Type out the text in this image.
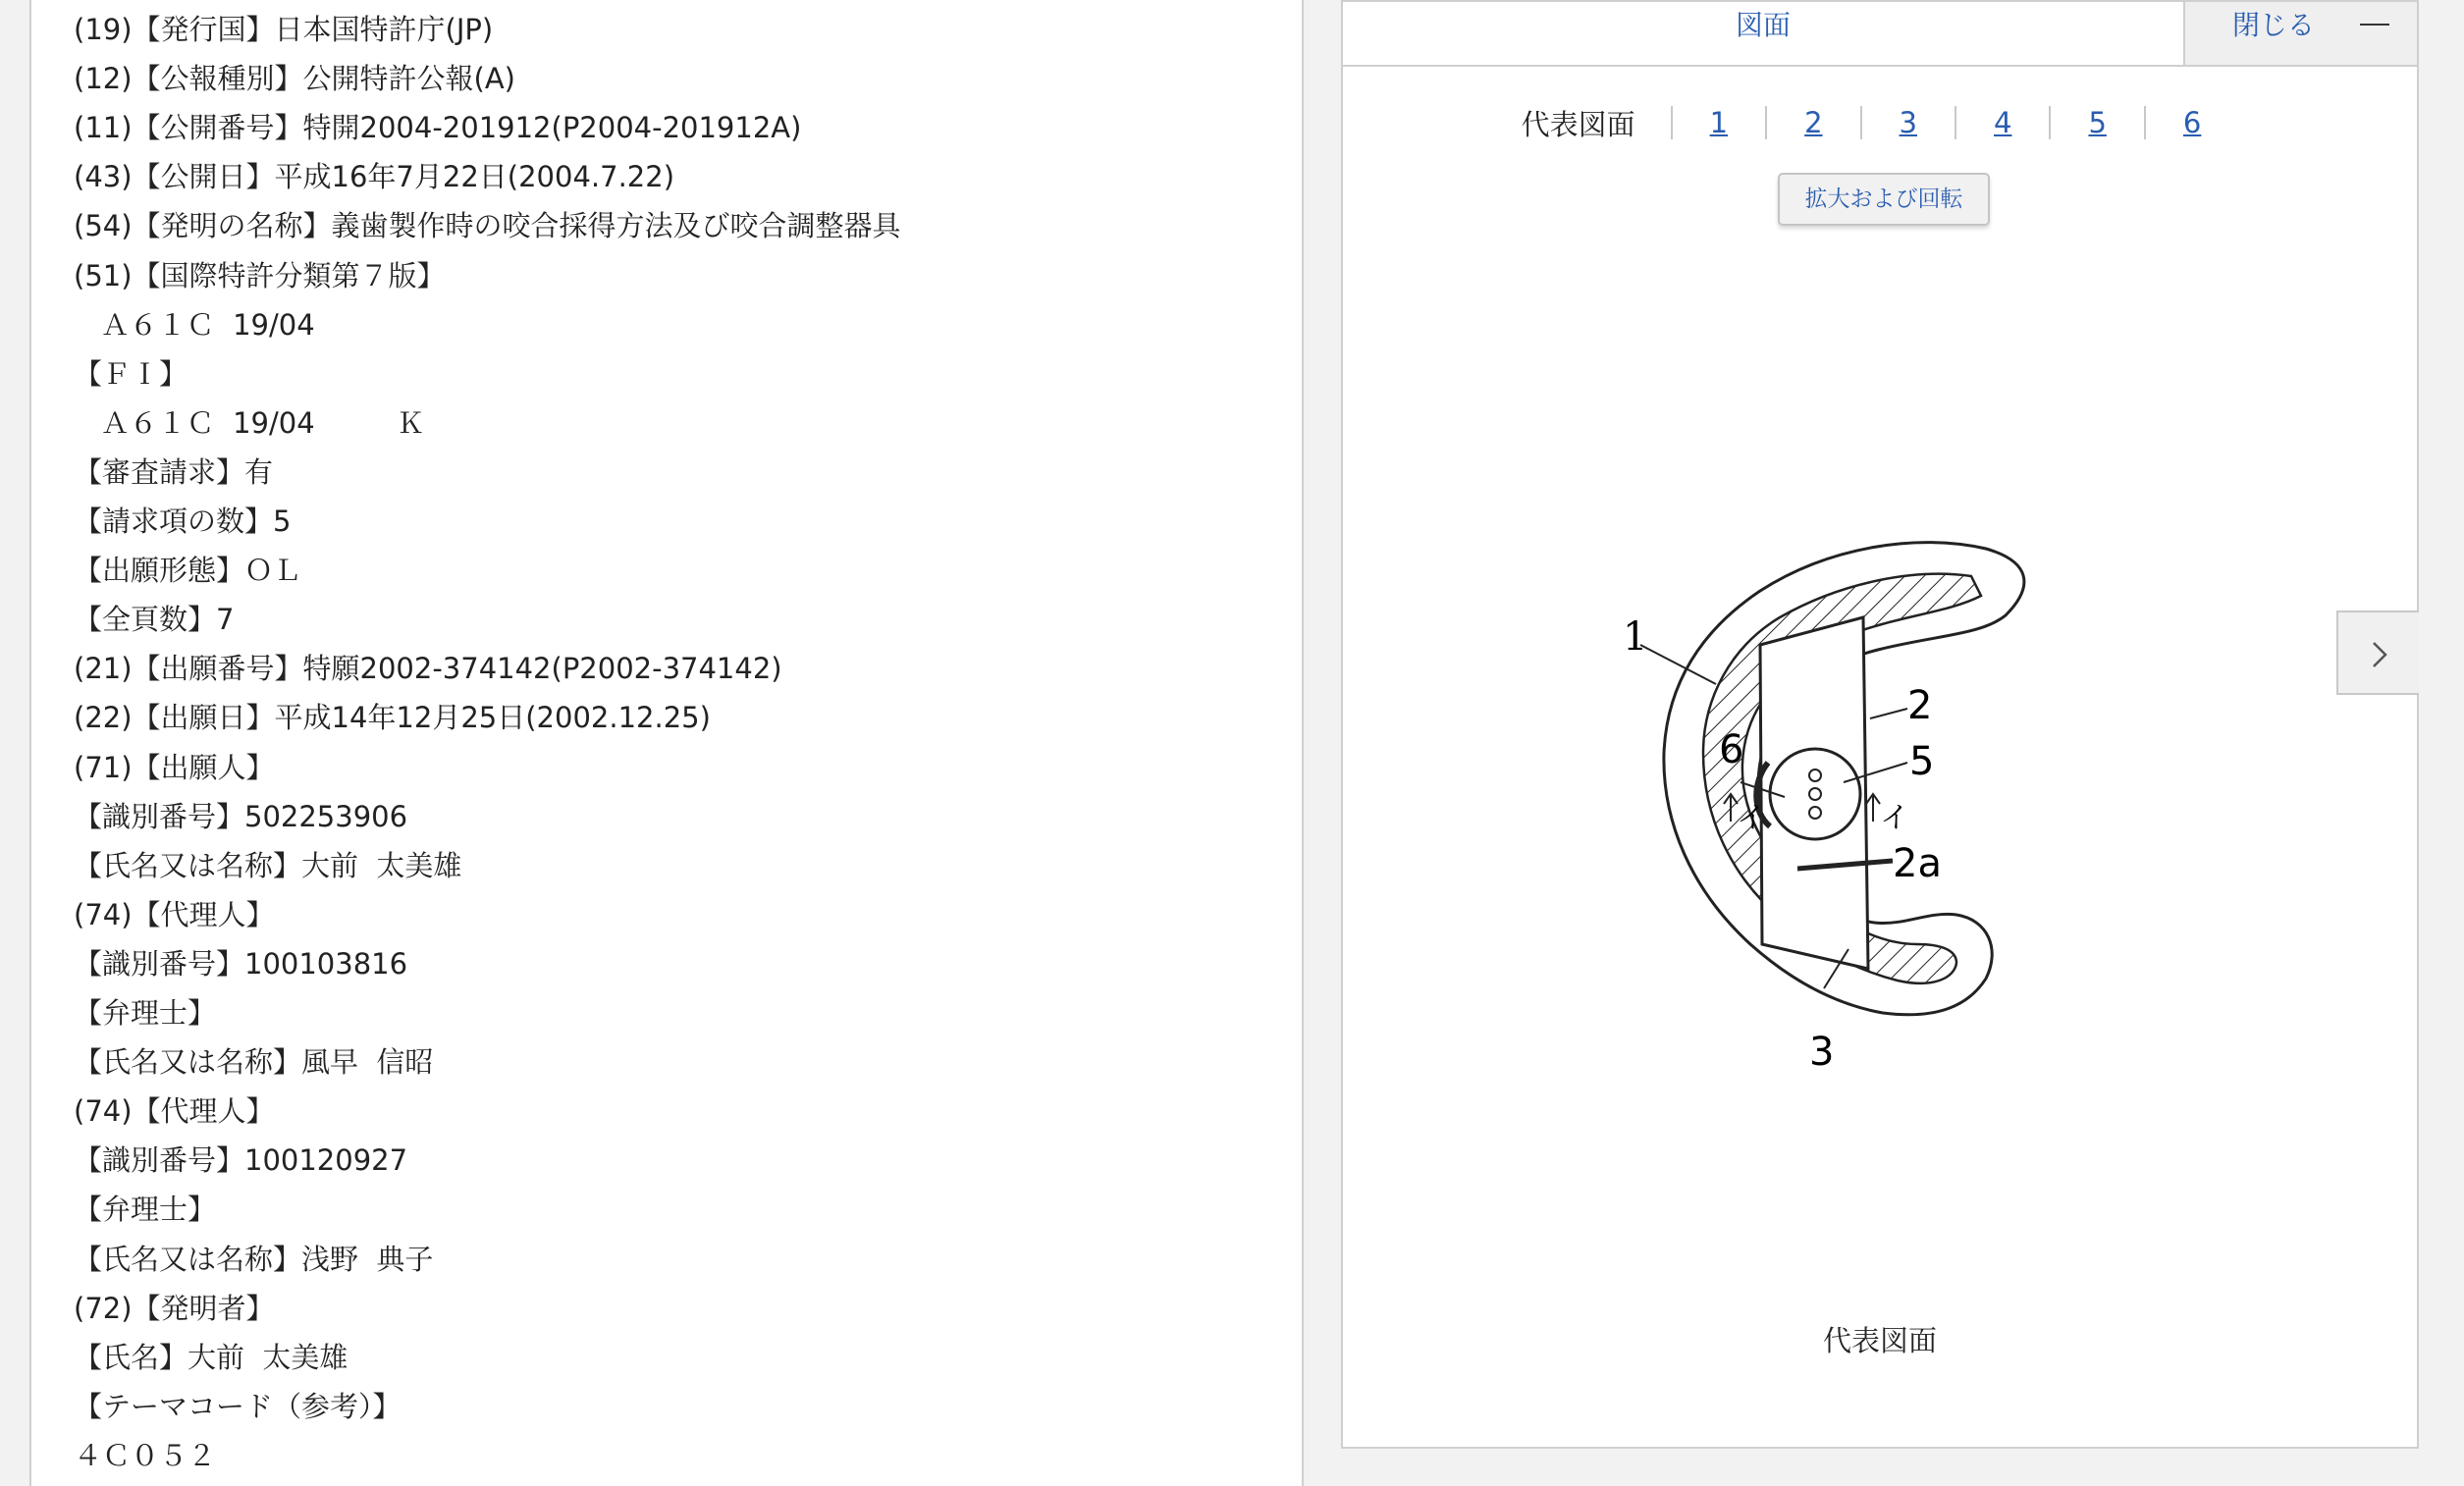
(19)【発行国】日本国特許庁(JP)
(12)【公報種別】公開特許公報(A)
(11)【公開番号】特開2004-201912(P2004-201912A)
(43)【公開日】平成16年7月22日(2004.7.22)
(54)【発明の名称】義歯製作時の咬合採得方法及び咬合調整器具
(51)【国際特許分類第７版】
Ａ６１Ｃ  19/04
【ＦＩ】
Ａ６１Ｃ  19/04         Ｋ
【審査請求】有
【請求項の数】5
【出願形態】ＯＬ
【全頁数】7
(21)【出願番号】特願2002-374142(P2002-374142)
(22)【出願日】平成14年12月25日(2002.12.25)
(71)【出願人】
【識別番号】502253906
【氏名又は名称】大前  太美雄
(74)【代理人】
【識別番号】100103816
【弁理士】
【氏名又は名称】風早  信昭
(74)【代理人】
【識別番号】100120927
【弁理士】
【氏名又は名称】浅野  典子
(72)【発明者】
【氏名】大前  太美雄
【テーマコード（参考）】
４Ｃ０５２
図面	閉じる
代表図面	1	2	3	4	5	6
拡大および回転
1
2
5
6
2a
3
イ	イ
代表図面
